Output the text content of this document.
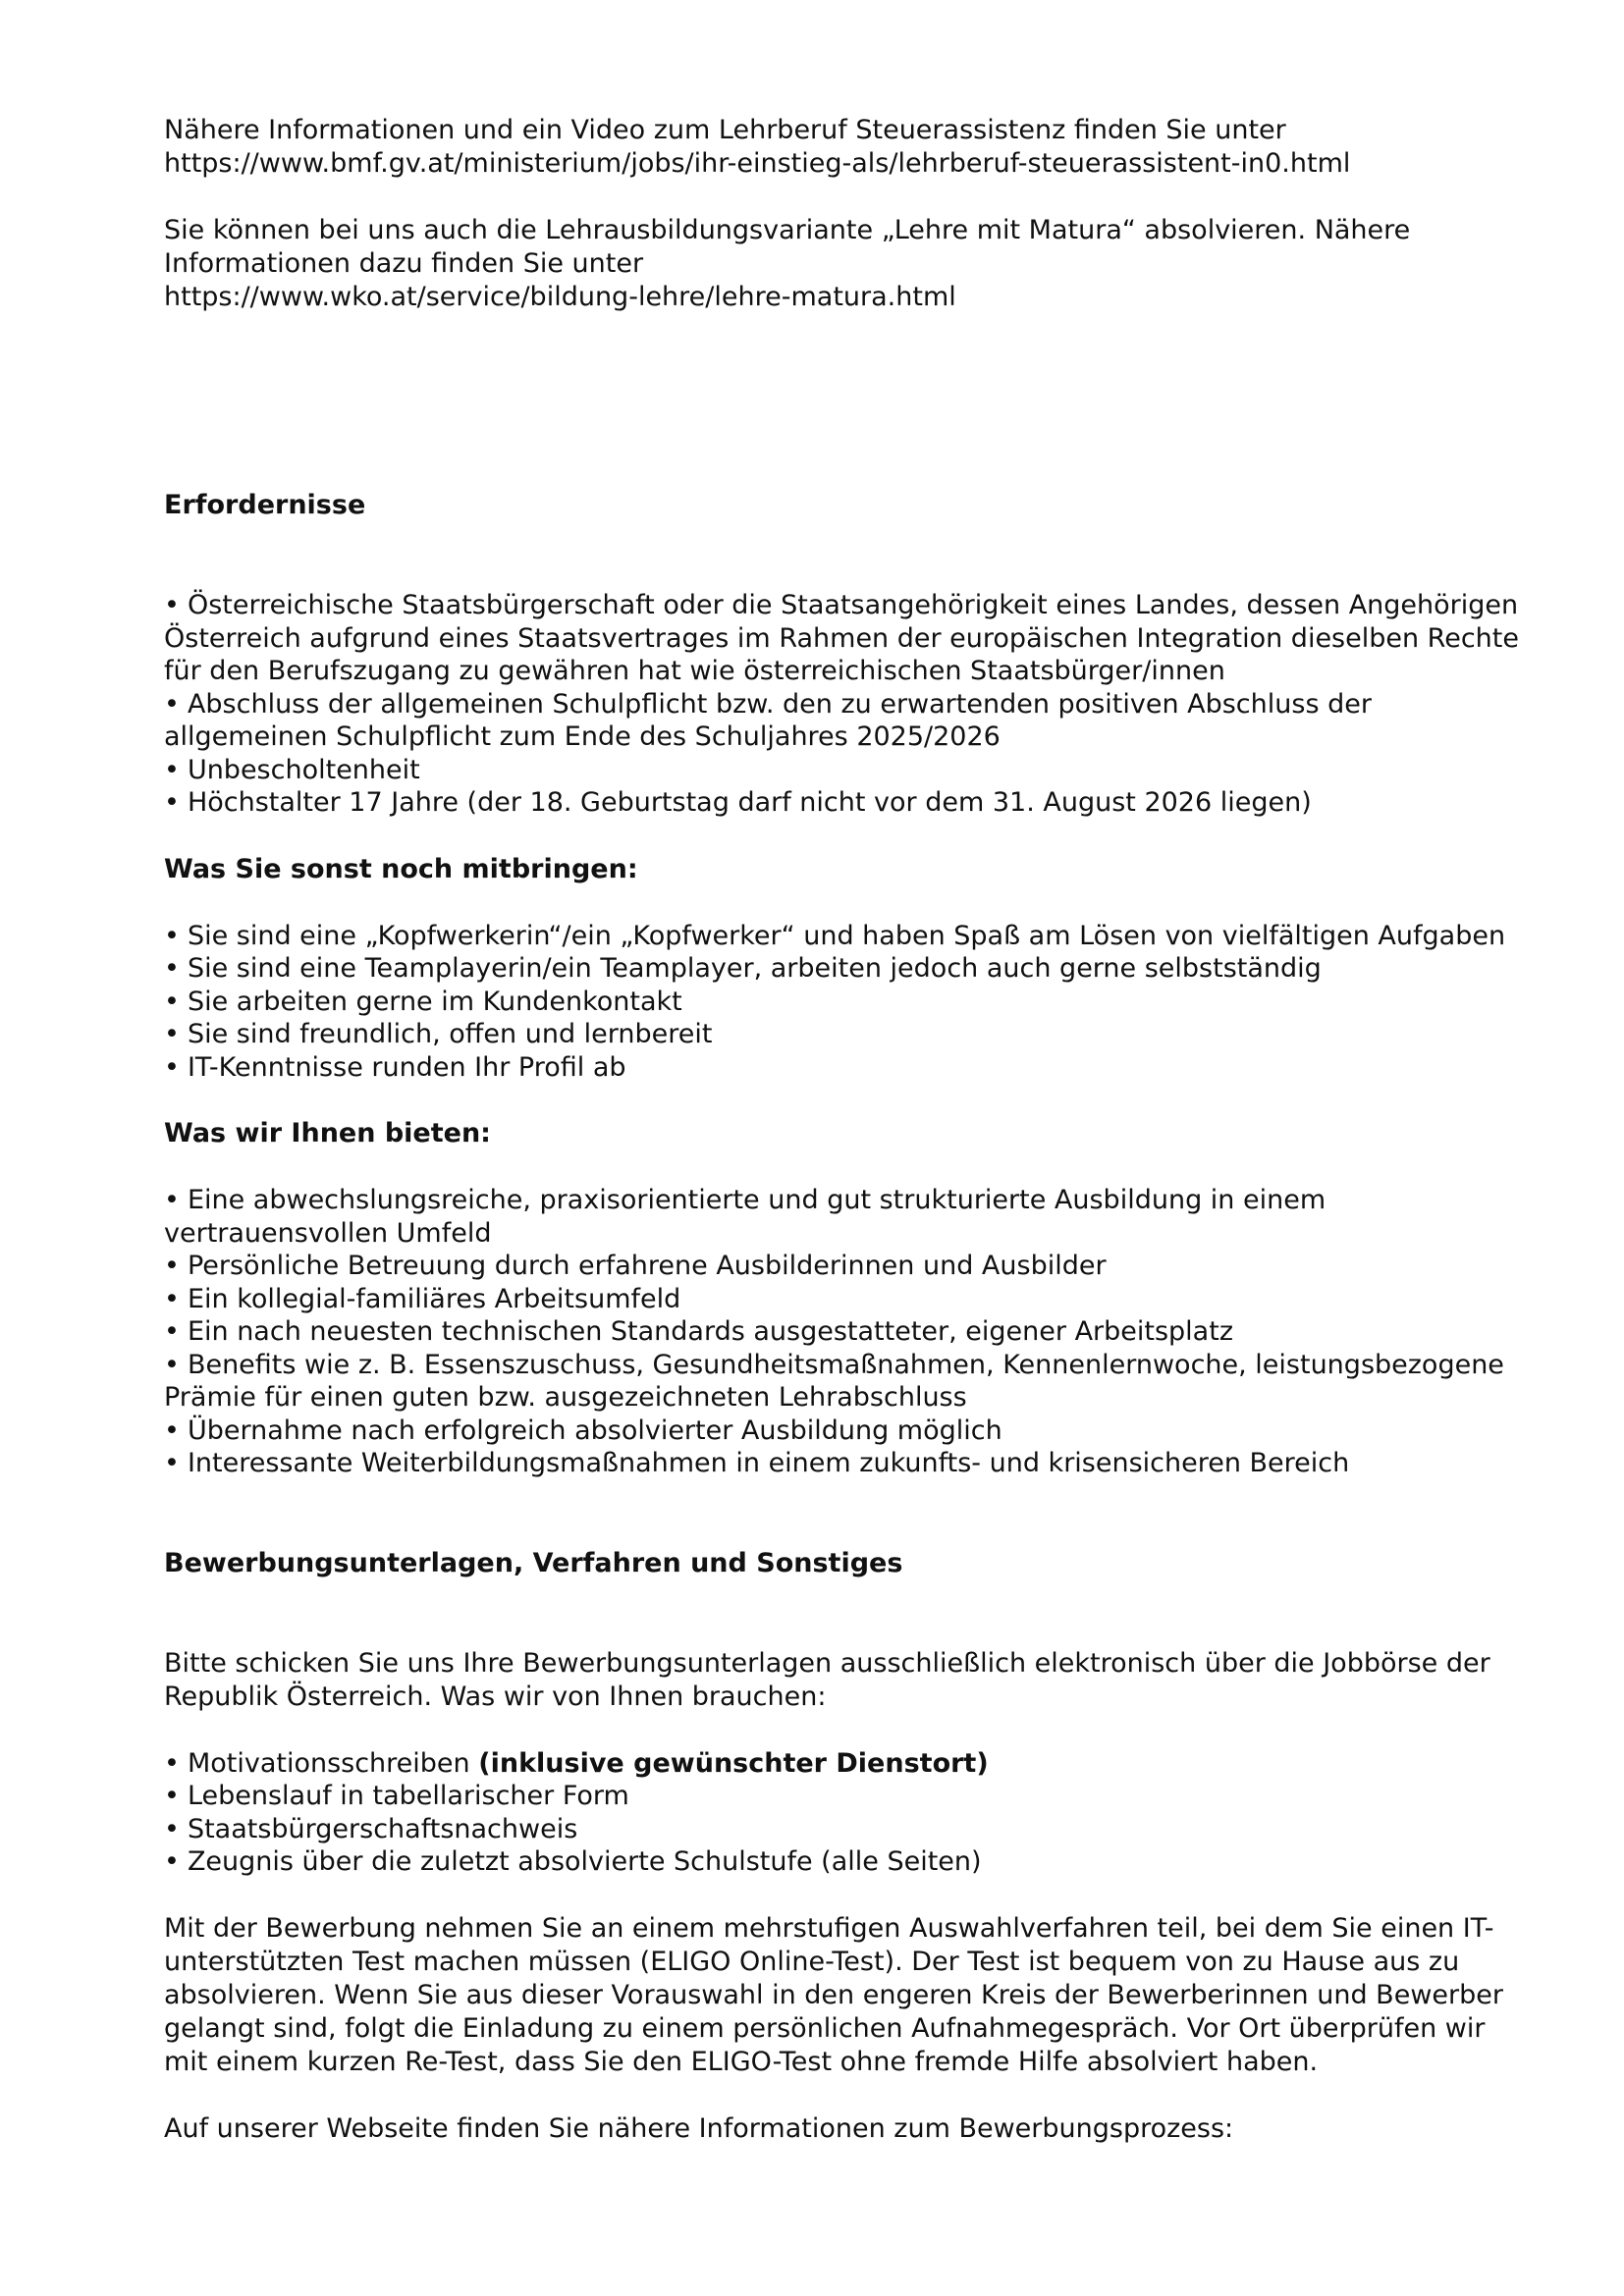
Nähere Informationen und ein Video zum Lehrberuf Steuerassistenz finden Sie unter

https://www.bmf.gv.at/ministerium/jobs/ihr-einstieg-als/lehrberuf-steuerassistent-in0.html

Sie können bei uns auch die Lehrausbildungsvariante „Lehre mit Matura“ absolvieren. Nähere

Informationen dazu finden Sie unter

https://www.wko.at/service/bildung-lehre/lehre-matura.html

Erfordernisse
• Österreichische Staatsbürgerschaft oder die Staatsangehörigkeit eines Landes, dessen Angehörigen Österreich aufgrund eines Staatsvertrages im Rahmen der europäischen Integration dieselben Rechte für den Berufszugang zu gewähren hat wie österreichischen Staatsbürger/innen
• Abschluss der allgemeinen Schulpflicht bzw. den zu erwartenden positiven Abschluss der allgemeinen Schulpflicht zum Ende des Schuljahres 2025/2026
• Unbescholtenheit
• Höchstalter 17 Jahre (der 18. Geburtstag darf nicht vor dem 31. August 2026 liegen)
Was Sie sonst noch mitbringen:
• Sie sind eine „Kopfwerkerin“/ein „Kopfwerker“ und haben Spaß am Lösen von vielfältigen Aufgaben
• Sie sind eine Teamplayerin/ein Teamplayer, arbeiten jedoch auch gerne selbstständig
• Sie arbeiten gerne im Kundenkontakt
• Sie sind freundlich, offen und lernbereit
• IT-Kenntnisse runden Ihr Profil ab
Was wir Ihnen bieten:
• Eine abwechslungsreiche, praxisorientierte und gut strukturierte Ausbildung in einem vertrauensvollen Umfeld
• Persönliche Betreuung durch erfahrene Ausbilderinnen und Ausbilder
• Ein kollegial-familiäres Arbeitsumfeld
• Ein nach neuesten technischen Standards ausgestatteter, eigener Arbeitsplatz
• Benefits wie z. B. Essenszuschuss, Gesundheitsmaßnahmen, Kennenlernwoche, leistungsbezogene Prämie für einen guten bzw. ausgezeichneten Lehrabschluss
• Übernahme nach erfolgreich absolvierter Ausbildung möglich
• Interessante Weiterbildungsmaßnahmen in einem zukunfts- und krisensicheren Bereich
Bewerbungsunterlagen, Verfahren und Sonstiges

Bitte schicken Sie uns Ihre Bewerbungsunterlagen ausschließlich elektronisch über die Jobbörse der Republik Österreich. Was wir von Ihnen brauchen:

• Motivationsschreiben (inklusive gewünschter Dienstort)
• Lebenslauf in tabellarischer Form
• Staatsbürgerschaftsnachweis
• Zeugnis über die zuletzt absolvierte Schulstufe (alle Seiten)

Mit der Bewerbung nehmen Sie an einem mehrstufigen Auswahlverfahren teil, bei dem Sie einen IT-unterstützten Test machen müssen (ELIGO Online-Test). Der Test ist bequem von zu Hause aus zu absolvieren. Wenn Sie aus dieser Vorauswahl in den engeren Kreis der Bewerberinnen und Bewerber gelangt sind, folgt die Einladung zu einem persönlichen Aufnahmegespräch. Vor Ort überprüfen wir mit einem kurzen Re-Test, dass Sie den ELIGO-Test ohne fremde Hilfe absolviert haben.

Auf unserer Webseite finden Sie nähere Informationen zum Bewerbungsprozess:
